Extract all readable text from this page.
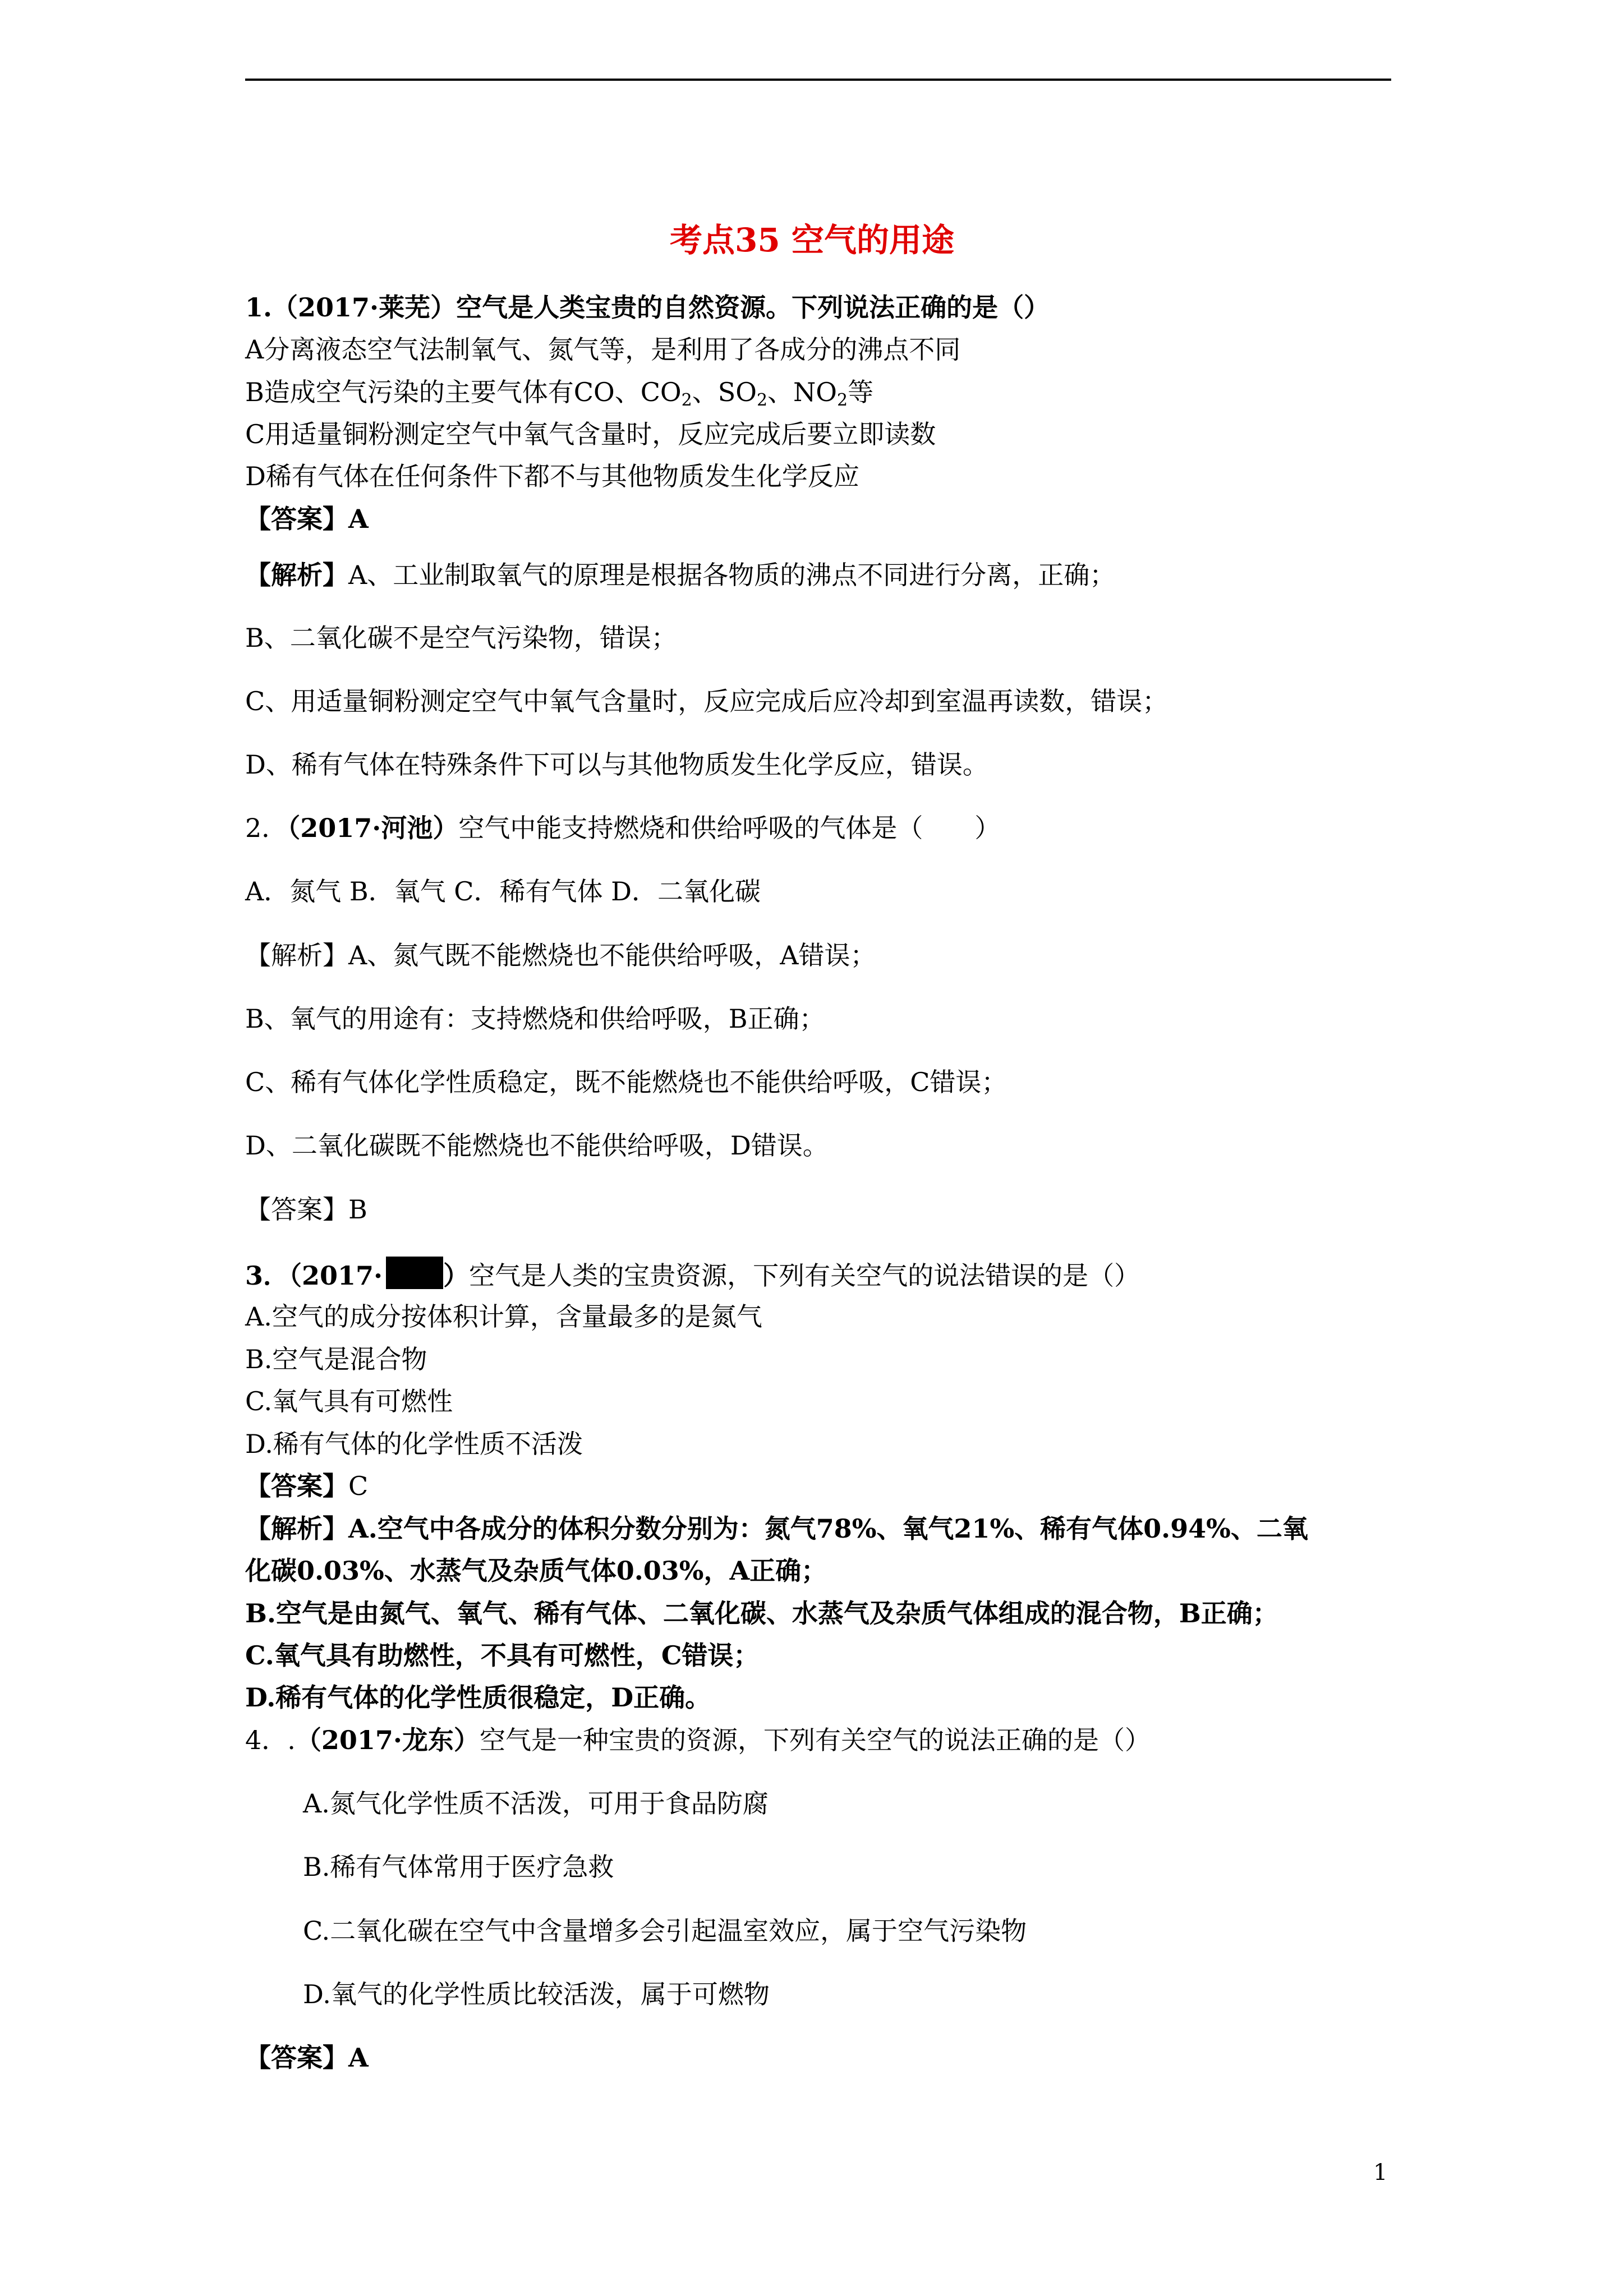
考点35 空气的用途
1.（2017·莱芜）空气是人类宝贵的自然资源。下列说法正确的是（）
A分离液态空气法制氧气、氮气等，是利用了各成分的沸点不同
B造成空气污染的主要气体有CO、$CO_2$、$SO_2$、$NO_2$等
C用适量铜粉测定空气中氧气含量时，反应完成后要立即读数
D稀有气体在任何条件下都不与其他物质发生化学反应
【答案】A
【解析】A、工业制取氧气的原理是根据各物质的沸点不同进行分离，正确；
B、二氧化碳不是空气污染物，错误；
C、用适量铜粉测定空气中氧气含量时，反应完成后应冷却到室温再读数，错误；
D、稀有气体在特殊条件下可以与其他物质发生化学反应，错误。
2．（2017·河池）空气中能支持燃烧和供给呼吸的气体是（　　）
A．氮气 B．氧气 C．稀有气体 D．二氧化碳
【解析】A、氮气既不能燃烧也不能供给呼吸，A错误；
B、氧气的用途有：支持燃烧和供给呼吸，B正确；
C、稀有气体化学性质稳定，既不能燃烧也不能供给呼吸，C错误；
D、二氧化碳既不能燃烧也不能供给呼吸，D错误。
【答案】B
3．（2017· ）空气是人类的宝贵资源，下列有关空气的说法错误的是（）
A.空气的成分按体积计算，含量最多的是氮气
B.空气是混合物
C.氧气具有可燃性
D.稀有气体的化学性质不活泼
【答案】C
【解析】A.空气中各成分的体积分数分别为：氮气78%、氧气21%、稀有气体0.94%、二氧
化碳0.03%、水蒸气及杂质气体0.03%，A正确；
B.空气是由氮气、氧气、稀有气体、二氧化碳、水蒸气及杂质气体组成的混合物，B正确；
C.氧气具有助燃性，不具有可燃性，C错误；
D.稀有气体的化学性质很稳定，D正确。
4．.（2017·龙东）空气是一种宝贵的资源，下列有关空气的说法正确的是（）
A.氮气化学性质不活泼，可用于食品防腐
B.稀有气体常用于医疗急救
C.二氧化碳在空气中含量增多会引起温室效应，属于空气污染物
D.氧气的化学性质比较活泼，属于可燃物
【答案】A
1
